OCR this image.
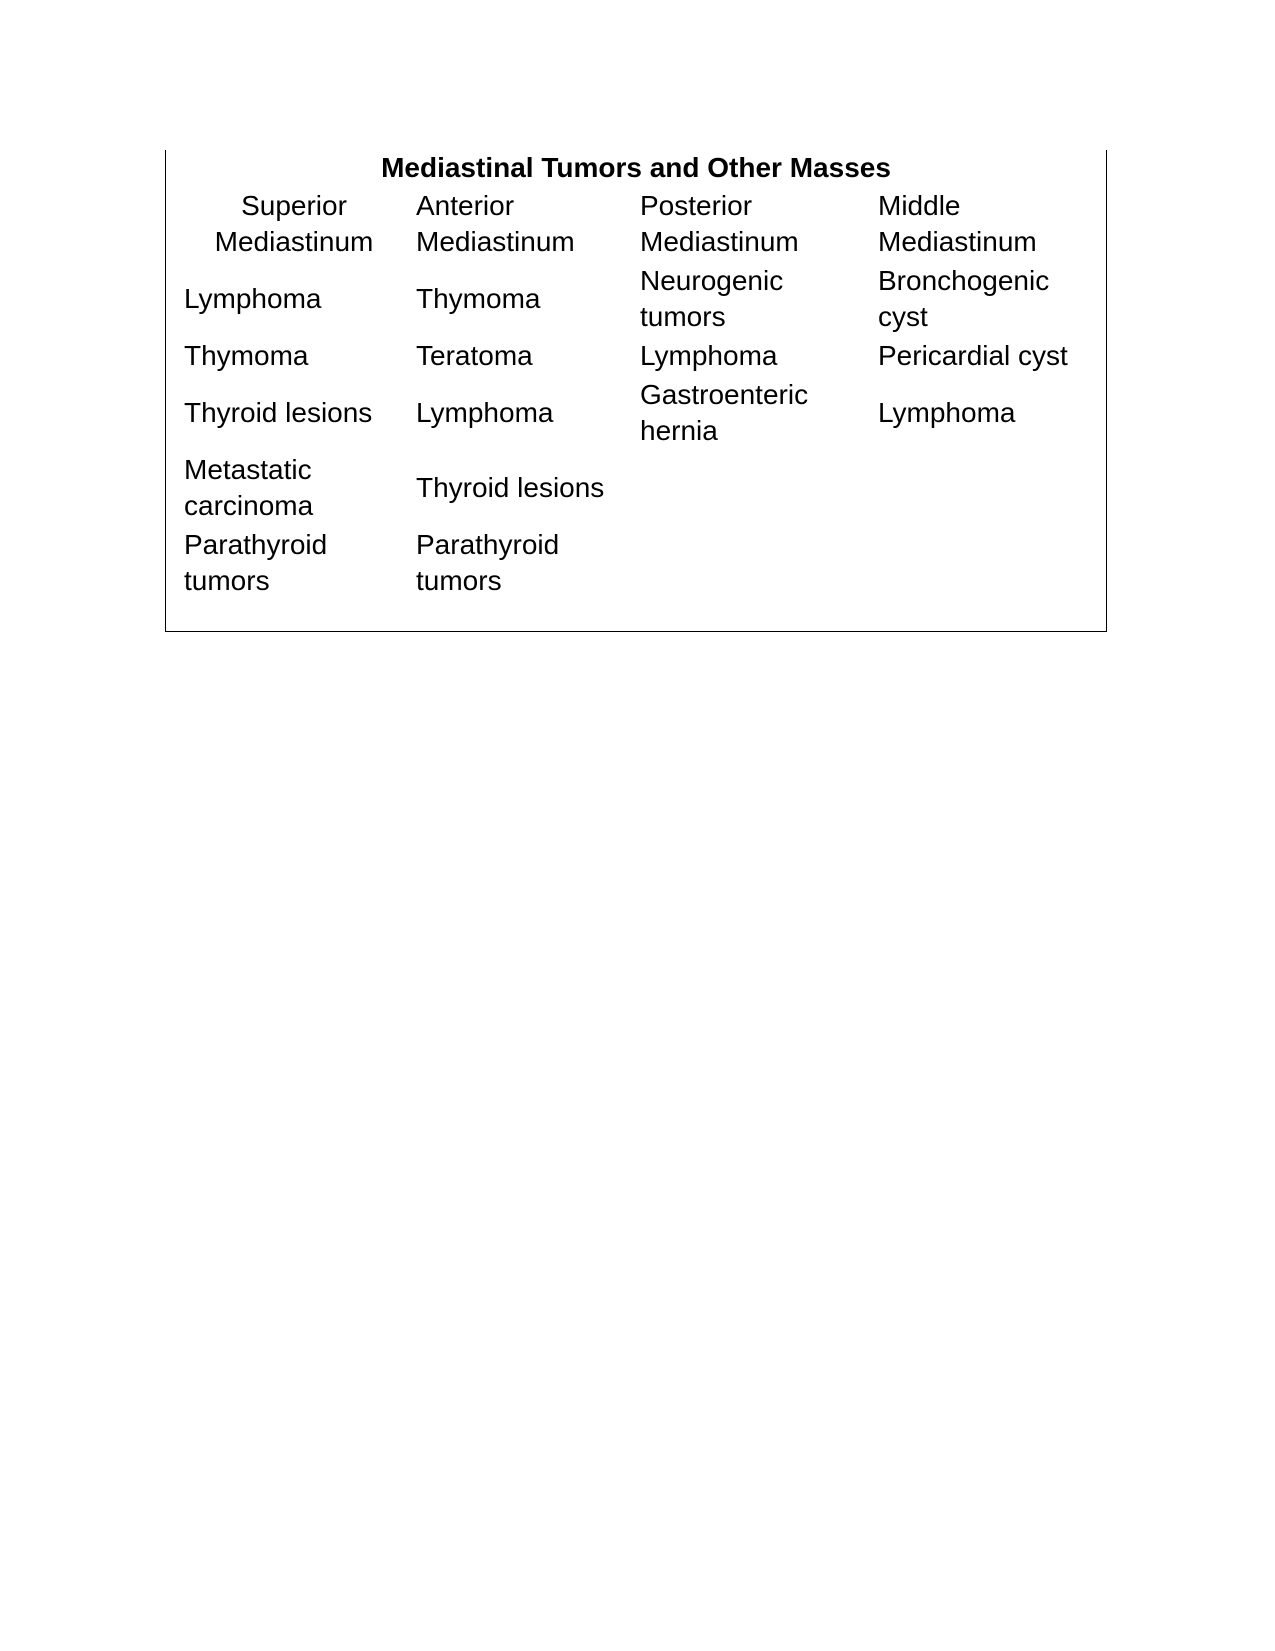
Mediastinal Tumors and Other Masses
Superior Mediastinum	Anterior Mediastinum	Posterior Mediastinum	Middle Mediastinum
Lymphoma	Thymoma	Neurogenic tumors	Bronchogenic cyst
Thymoma	Teratoma	Lymphoma	Pericardial cyst
Thyroid lesions	Lymphoma	Gastroenteric hernia	Lymphoma
Metastatic carcinoma	Thyroid lesions		
Parathyroid tumors	Parathyroid tumors		
